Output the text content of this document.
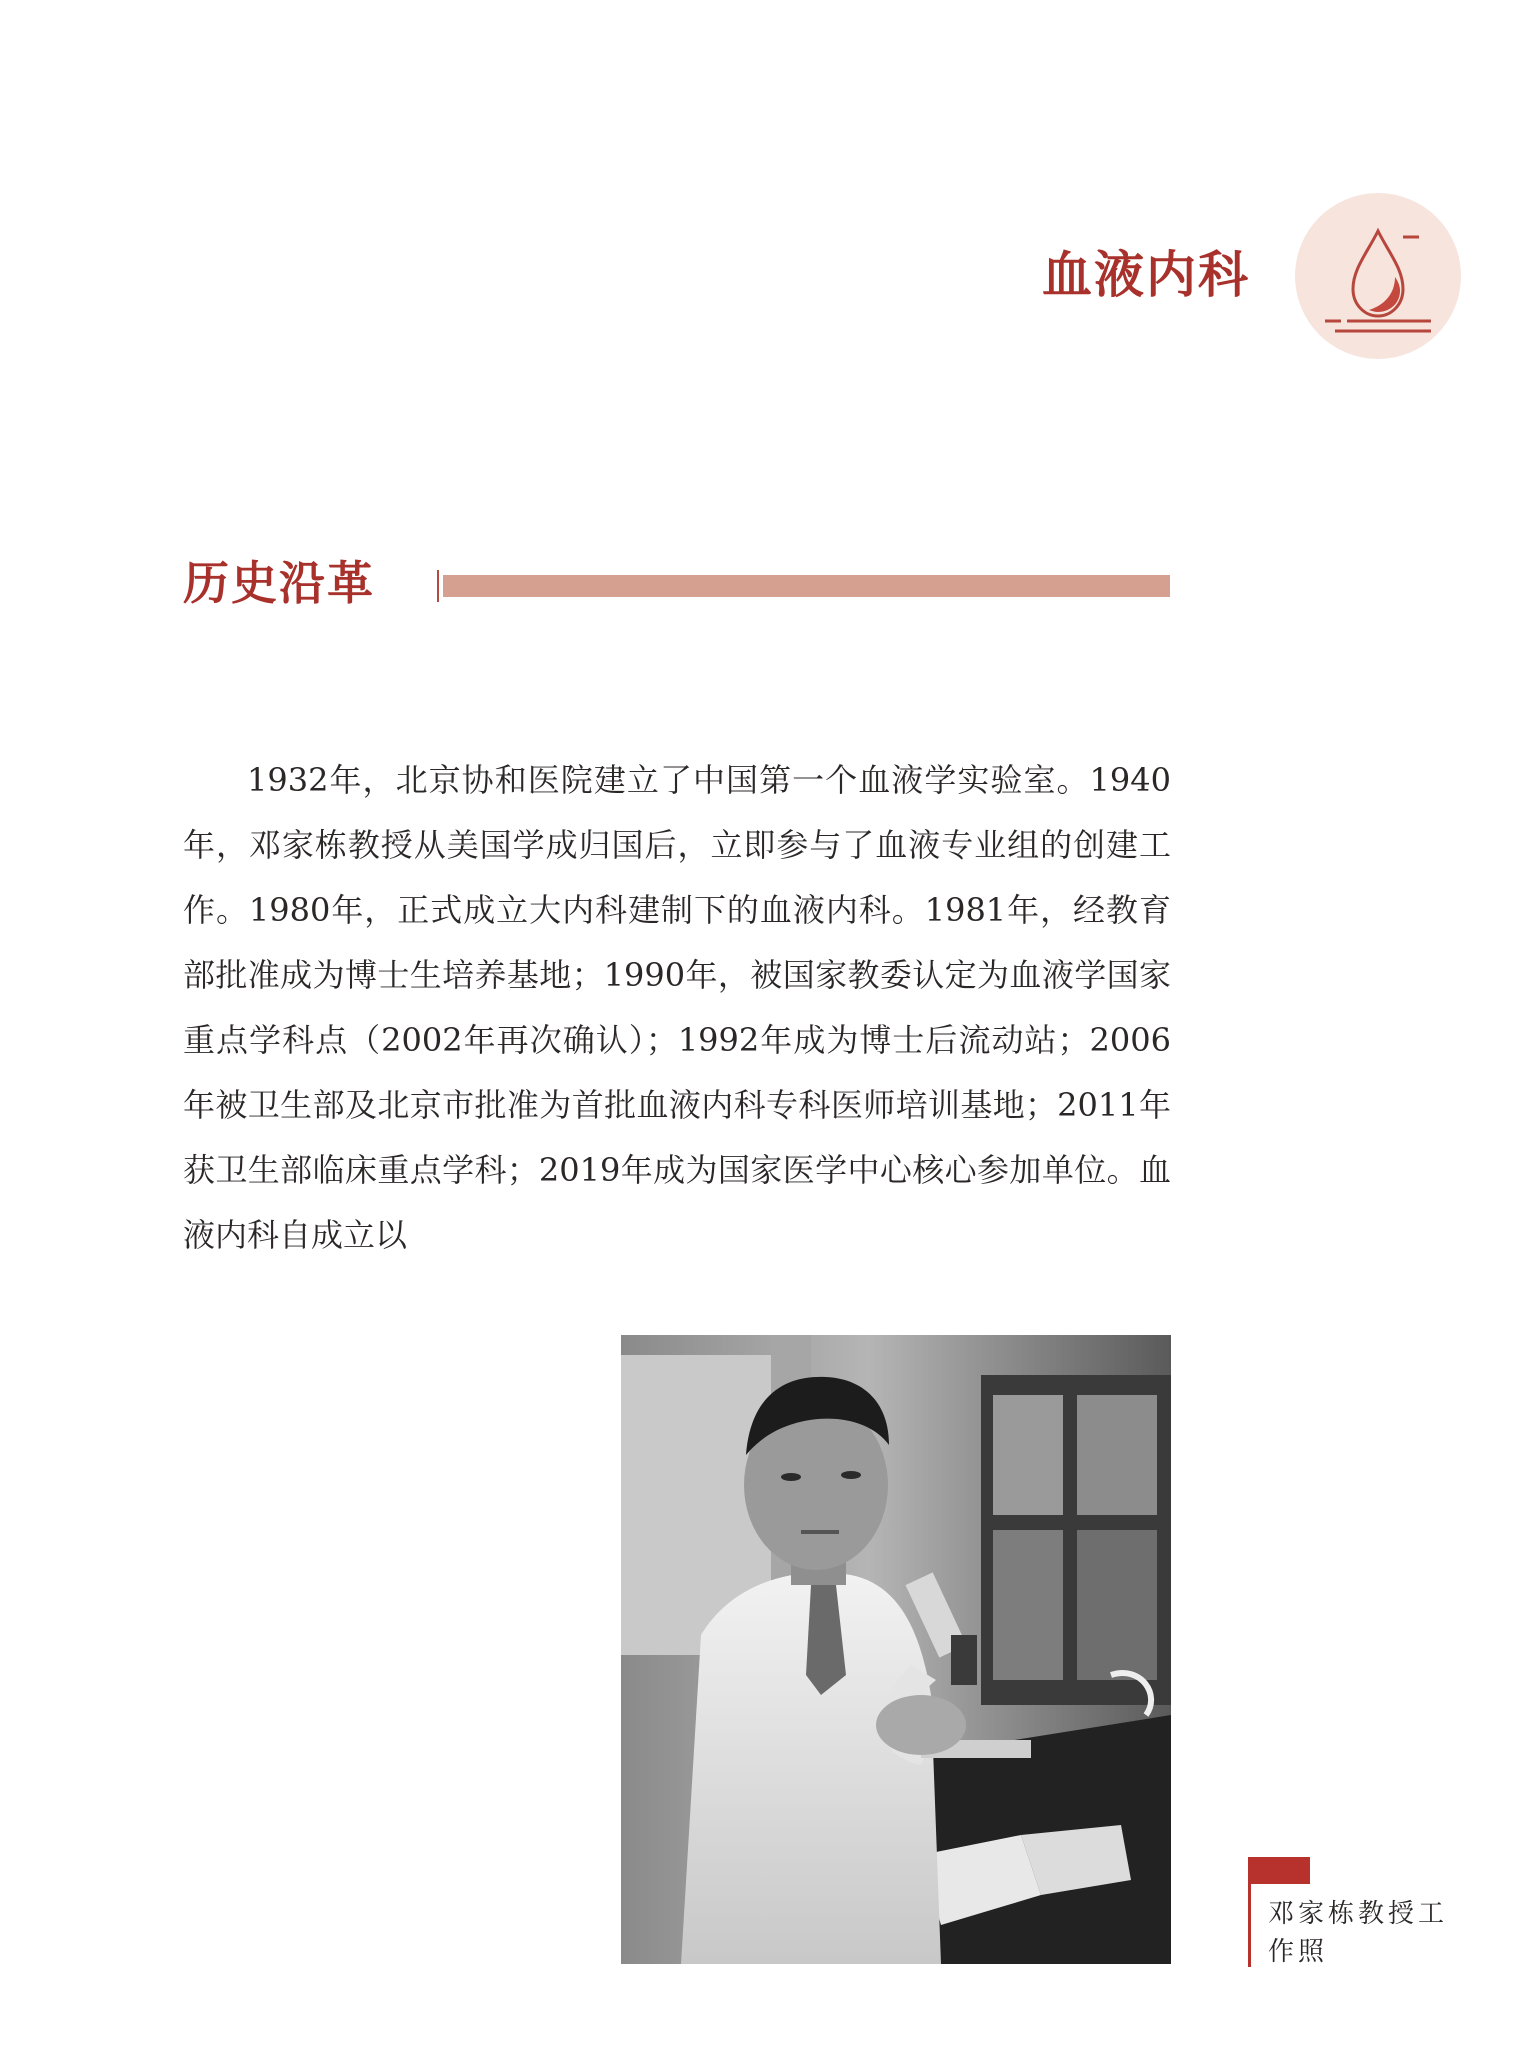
血液内科
历史沿革
1932年，北京协和医院建立了中国第一个血液学实验室。1940年，邓家栋教授从美国学成归国后，立即参与了血液专业组的创建工作。1980年，正式成立大内科建制下的血液内科。1981年，经教育部批准成为博士生培养基地；1990年，被国家教委认定为血液学国家重点学科点（2002年再次确认）；1992年成为博士后流动站；2006年被卫生部及北京市批准为首批血液内科专科医师培训基地；2011年获卫生部临床重点学科；2019年成为国家医学中心核心参加单位。血液内科自成立以
邓家栋教授工作照
